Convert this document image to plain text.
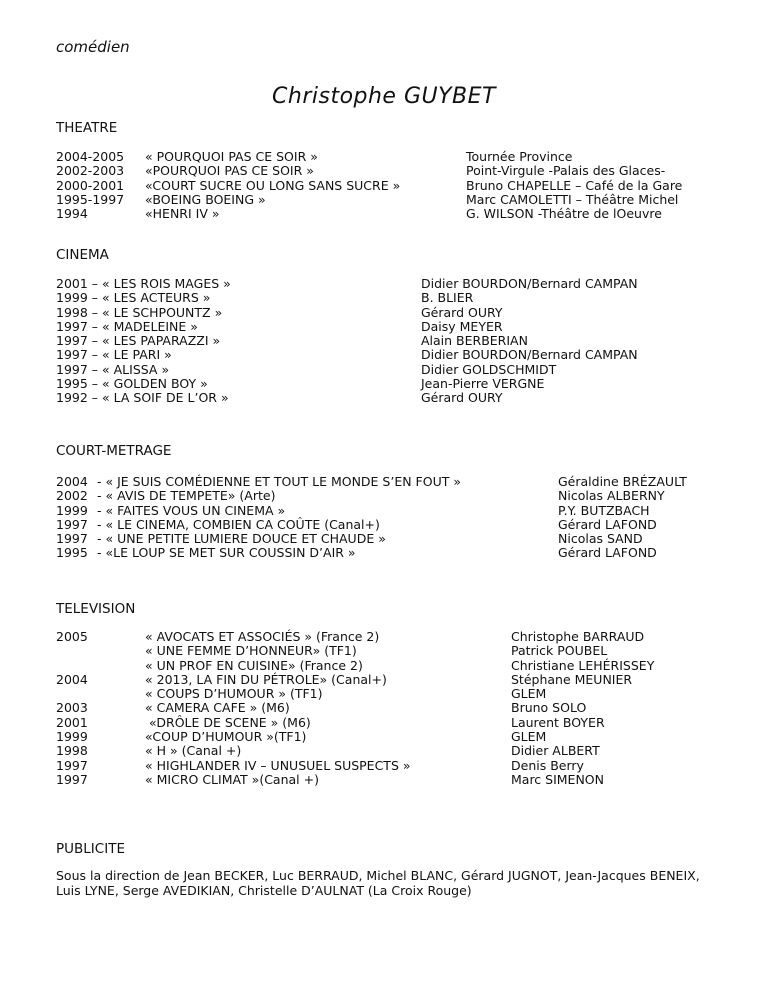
comédien
Christophe GUYBET
THEATRE
2004-2005
2002-2003
2000-2001
1995-1997
1994
« POURQUOI PAS CE SOIR »
«POURQUOI PAS CE SOIR »
«COURT SUCRE OU LONG SANS SUCRE »
«BOEING BOEING »
«HENRI IV »
Tournée Province
Point-Virgule -Palais des Glaces-
Bruno CHAPELLE – Café de la Gare
Marc CAMOLETTI – Théâtre Michel
G. WILSON -Théâtre de lOeuvre
CINEMA
2001 – « LES ROIS MAGES »
1999 – « LES ACTEURS »
1998 – « LE SCHPOUNTZ »
1997 – « MADELEINE »
1997 – « LES PAPARAZZI »
1997 – « LE PARI »
1997 – « ALISSA »
1995 – « GOLDEN BOY »
1992 – « LA SOIF DE L’OR »
Didier BOURDON/Bernard CAMPAN
B. BLIER
Gérard OURY
Daisy MEYER
Alain BERBERIAN
Didier BOURDON/Bernard CAMPAN
Didier GOLDSCHMIDT
Jean-Pierre VERGNE
Gérard OURY
COURT-METRAGE
2004
2002
1999
1997
1997
1995
- « JE SUIS COMÉDIENNE ET TOUT LE MONDE S’EN FOUT »
- « AVIS DE TEMPETE» (Arte)
- « FAITES VOUS UN CINEMA »
- « LE CINEMA, COMBIEN CA COÛTE (Canal+)
- « UNE PETITE LUMIERE DOUCE ET CHAUDE »
- «LE LOUP SE MET SUR COUSSIN D’AIR »
Géraldine BRÉZAULT
Nicolas ALBERNY
P.Y. BUTZBACH
Gérard LAFOND
Nicolas SAND
Gérard LAFOND
TELEVISION
2005
2004
2003
2001
1999
1998
1997
1997
« AVOCATS ET ASSOCIÉS » (France 2)
« UNE FEMME D’HONNEUR» (TF1)
« UN PROF EN CUISINE» (France 2)
« 2013, LA FIN DU PÉTROLE» (Canal+)
« COUPS D’HUMOUR » (TF1)
« CAMERA CAFE » (M6)
«DRÔLE DE SCENE » (M6)
«COUP D’HUMOUR »(TF1)
« H » (Canal +)
« HIGHLANDER IV – UNUSUEL SUSPECTS »
« MICRO CLIMAT »(Canal +)
Christophe BARRAUD
Patrick POUBEL
Christiane LEHÉRISSEY
Stéphane MEUNIER
GLEM
Bruno SOLO
Laurent BOYER
GLEM
Didier ALBERT
Denis Berry
Marc SIMENON
PUBLICITE
Sous la direction de Jean BECKER, Luc BERRAUD, Michel BLANC, Gérard JUGNOT, Jean-Jacques BENEIX, Luis LYNE, Serge AVEDIKIAN, Christelle D’AULNAT (La Croix Rouge)
